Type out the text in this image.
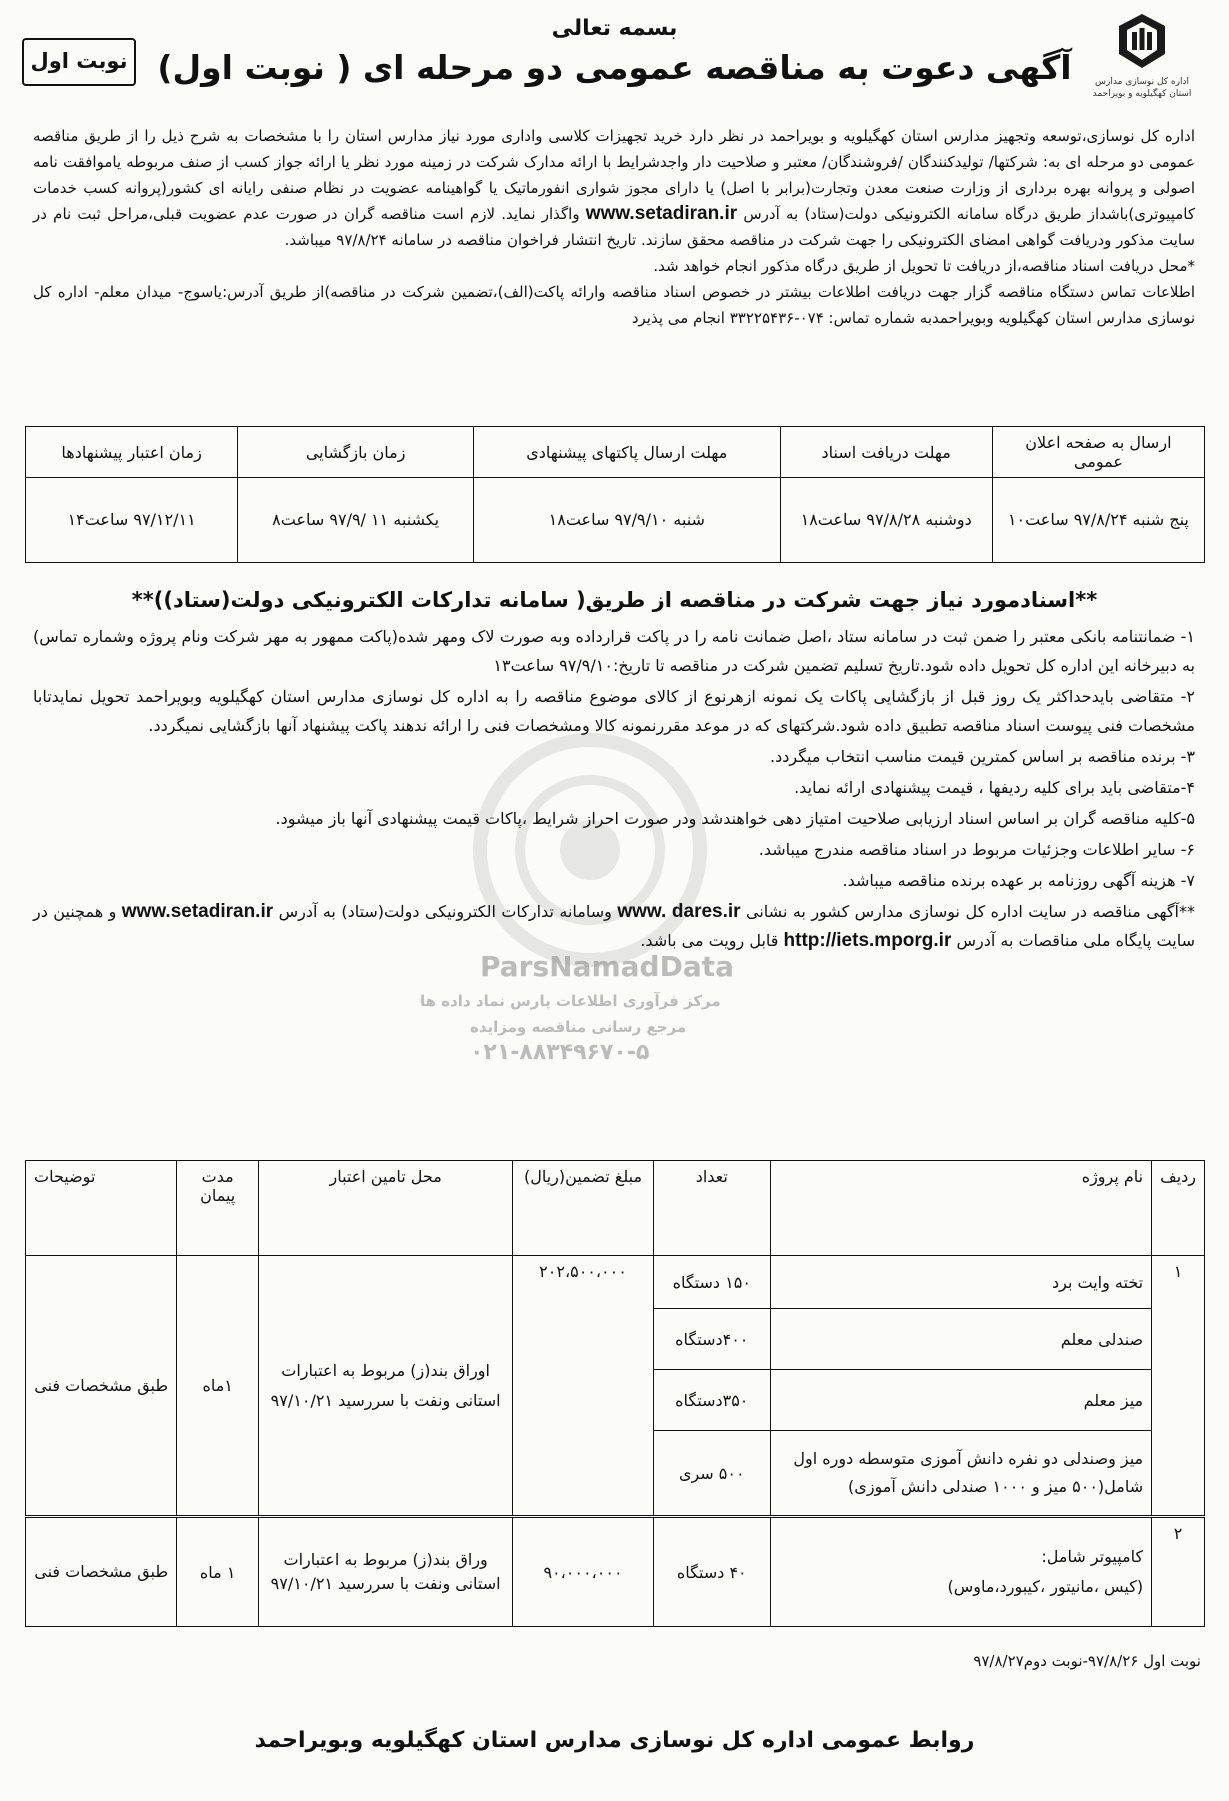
اداره کل نوسازی مدارس
استان کهگیلویه و بویراحمد
بسمه تعالی
آگهی دعوت به مناقصه عمومی دو مرحله ای ( نوبت اول)
نوبت اول
ParsNamadData
مرکز فرآوری اطلاعات پارس نماد داده ها
مرجع رسانی مناقصه ومزایده
۰۲۱-۸۸۳۴۹۶۷۰-۵

اداره کل نوسازی،توسعه وتجهیز مدارس استان کهگیلویه و بویراحمد در نظر دارد خرید تجهیزات کلاسی واداری مورد نیاز مدارس استان را با مشخصات به شرح ذیل را از طریق مناقصه عمومی دو مرحله ای به: شرکتها/ تولیدکنندگان /فروشندگان/ معتبر و صلاحیت دار واجدشرایط با ارائه مدارک شرکت در زمینه مورد نظر یا ارائه جواز کسب از صنف مربوطه یاموافقت نامه اصولی و پروانه بهره برداری از وزارت صنعت معدن وتجارت(برابر با اصل) یا دارای مجوز شواری انفورماتیک یا گواهینامه عضویت در نظام صنفی رایانه ای کشور(پروانه کسب خدمات کامپیوتری)باشداز طریق درگاه سامانه الکترونیکی دولت(ستاد) به آدرس www.setadiran.ir واگذار نماید. لازم است مناقصه گران در صورت عدم عضویت قبلی،مراحل ثبت نام در سایت مذکور ودریافت گواهی امضای الکترونیکی را جهت شرکت در مناقصه محقق سازند. تاریخ انتشار فراخوان مناقصه در سامانه ۹۷/۸/۲۴ میباشد.

*محل دریافت اسناد مناقصه،از دریافت تا تحویل از طریق درگاه مذکور انجام خواهد شد.

اطلاعات تماس دستگاه مناقصه گزار جهت دریافت اطلاعات بیشتر در خصوص اسناد مناقصه وارائه پاکت(الف)،تضمین شرکت در مناقصه)از طریق آدرس:یاسوج- میدان معلم- اداره کل نوسازی مدارس استان کهگیلویه وبویراحمدبه شماره تماس: ۰۷۴-۳۳۲۲۵۴۳۶ انجام می پذیرد

ارسال به صفحه اعلان عمومی	مهلت دریافت اسناد	مهلت ارسال پاکتهای پیشنهادی	زمان بازگشایی	زمان اعتبار پیشنهادها
پنج شنبه ۹۷/۸/۲۴ ساعت۱۰	دوشنبه ۹۷/۸/۲۸ ساعت۱۸	شنبه ۹۷/۹/۱۰ ساعت۱۸	یکشنبه ۱۱ /۹۷/۹ ساعت۸	۹۷/۱۲/۱۱ ساعت۱۴
**اسنادمورد نیاز جهت شرکت در مناقصه از طریق( سامانه تدارکات الکترونیکی دولت(ستاد))**

۱- ضمانتنامه بانکی معتبر را ضمن ثبت در سامانه ستاد ،اصل ضمانت نامه را در پاکت قرارداده وبه صورت لاک ومهر شده(پاکت ممهور به مهر شرکت ونام پروژه وشماره تماس) به دبیرخانه این اداره کل تحویل داده شود.تاریخ تسلیم تضمین شرکت در مناقصه تا تاریخ:۹۷/۹/۱۰ ساعت۱۳

۲- متقاضی بایدحداکثر یک روز قبل از بازگشایی پاکات یک نمونه ازهرنوع از کالای موضوع مناقصه را به اداره کل نوسازی مدارس استان کهگیلویه وبویراحمد تحویل نمایدتابا مشخصات فنی پیوست اسناد مناقصه تطبیق داده شود.شرکتهای که در موعد مقررنمونه کالا ومشخصات فنی را ارائه ندهند پاکت پیشنهاد آنها بازگشایی نمیگردد.

۳- برنده مناقصه بر اساس کمترین قیمت مناسب انتخاب میگردد.

۴-متقاضی باید برای کلیه ردیفها ، قیمت پیشنهادی ارائه نماید.

۵-کلیه مناقصه گران بر اساس اسناد ارزیابی صلاحیت امتیاز دهی خواهندشد ودر صورت احراز شرایط ،پاکات قیمت پیشنهادی آنها باز میشود.

۶- سایر اطلاعات وجزئیات مربوط در اسناد مناقصه مندرج میباشد.

۷- هزینه آگهی روزنامه بر عهده برنده مناقصه میباشد.

**آگهی مناقصه در سایت اداره کل نوسازی مدارس کشور به نشانی www. dares.ir وسامانه تدارکات الکترونیکی دولت(ستاد) به آدرس www.setadiran.ir و همچنین در سایت پایگاه ملی مناقصات به آدرس http://iets.mporg.ir قابل رویت می باشد.

ردیف	نام پروژه	تعداد	مبلغ تضمین(ریال)	محل تامین اعتبار	مدت پیمان	توضیحات
۱	تخته وایت برد	۱۵۰ دستگاه	۲۰۲،۵۰۰،۰۰۰	اوراق بند(ز) مربوط به اعتبارات استانی ونفت با سررسید ۹۷/۱۰/۲۱	۱ماه	طبق مشخصات فنی
	صندلی معلم	۴۰۰دستگاه				
	میز معلم	۳۵۰دستگاه				
	میز وصندلی دو نفره دانش آموزی متوسطه دوره اول شامل(۵۰۰ میز و ۱۰۰۰ صندلی دانش آموزی)	۵۰۰ سری				
۲	کامپیوتر شامل:
(کیس ،مانیتور ،کیبورد،ماوس)	۴۰ دستگاه	۹۰،۰۰۰،۰۰۰	وراق بند(ز) مربوط به اعتبارات استانی ونفت با سررسید ۹۷/۱۰/۲۱	۱ ماه	طبق مشخصات فنی
نوبت اول ۹۷/۸/۲۶-نوبت دوم۹۷/۸/۲۷
روابط عمومی اداره کل نوسازی مدارس استان کهگیلویه وبویراحمد
